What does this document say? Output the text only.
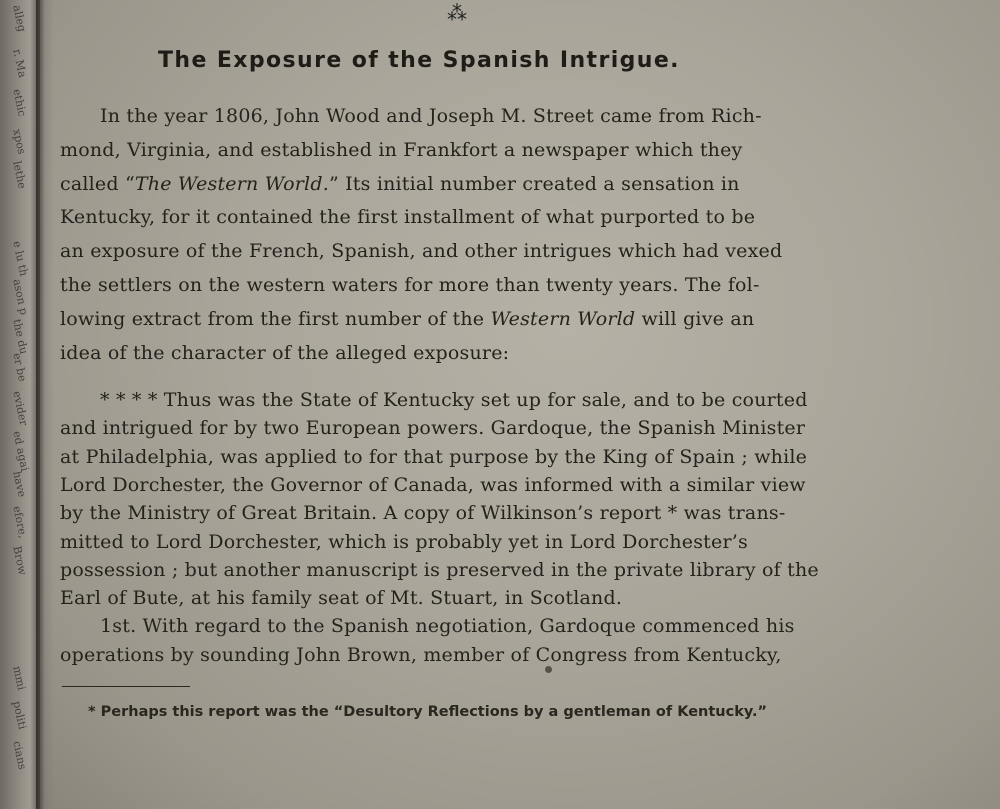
alleg
r. Ma
ethic
xpos
lethe
e lu th
ason p
the du
er be
evider
ed agai
have
efore,
Brow
mmi
politi
cians
⁂
The Exposure of the Spanish Intrigue.
In the year 1806, John Wood and Joseph M. Street came from Rich-
mond, Virginia, and established in Frankfort a newspaper which they
called “The Western World.” Its initial number created a sensation in
Kentucky, for it contained the first installment of what purported to be
an exposure of the French, Spanish, and other intrigues which had vexed
the settlers on the western waters for more than twenty years. The fol-
lowing extract from the first number of the Western World will give an
idea of the character of the alleged exposure:
* * * * Thus was the State of Kentucky set up for sale, and to be courted
and intrigued for by two European powers. Gardoque, the Spanish Minister
at Philadelphia, was applied to for that purpose by the King of Spain ; while
Lord Dorchester, the Governor of Canada, was informed with a similar view
by the Ministry of Great Britain. A copy of Wilkinson’s report * was trans-
mitted to Lord Dorchester, which is probably yet in Lord Dorchester’s
possession ; but another manuscript is preserved in the private library of the
Earl of Bute, at his family seat of Mt. Stuart, in Scotland.
1st. With regard to the Spanish negotiation, Gardoque commenced his
operations by sounding John Brown, member of Congress from Kentucky,
* Perhaps this report was the “Desultory Reflections by a gentleman of Kentucky.”
